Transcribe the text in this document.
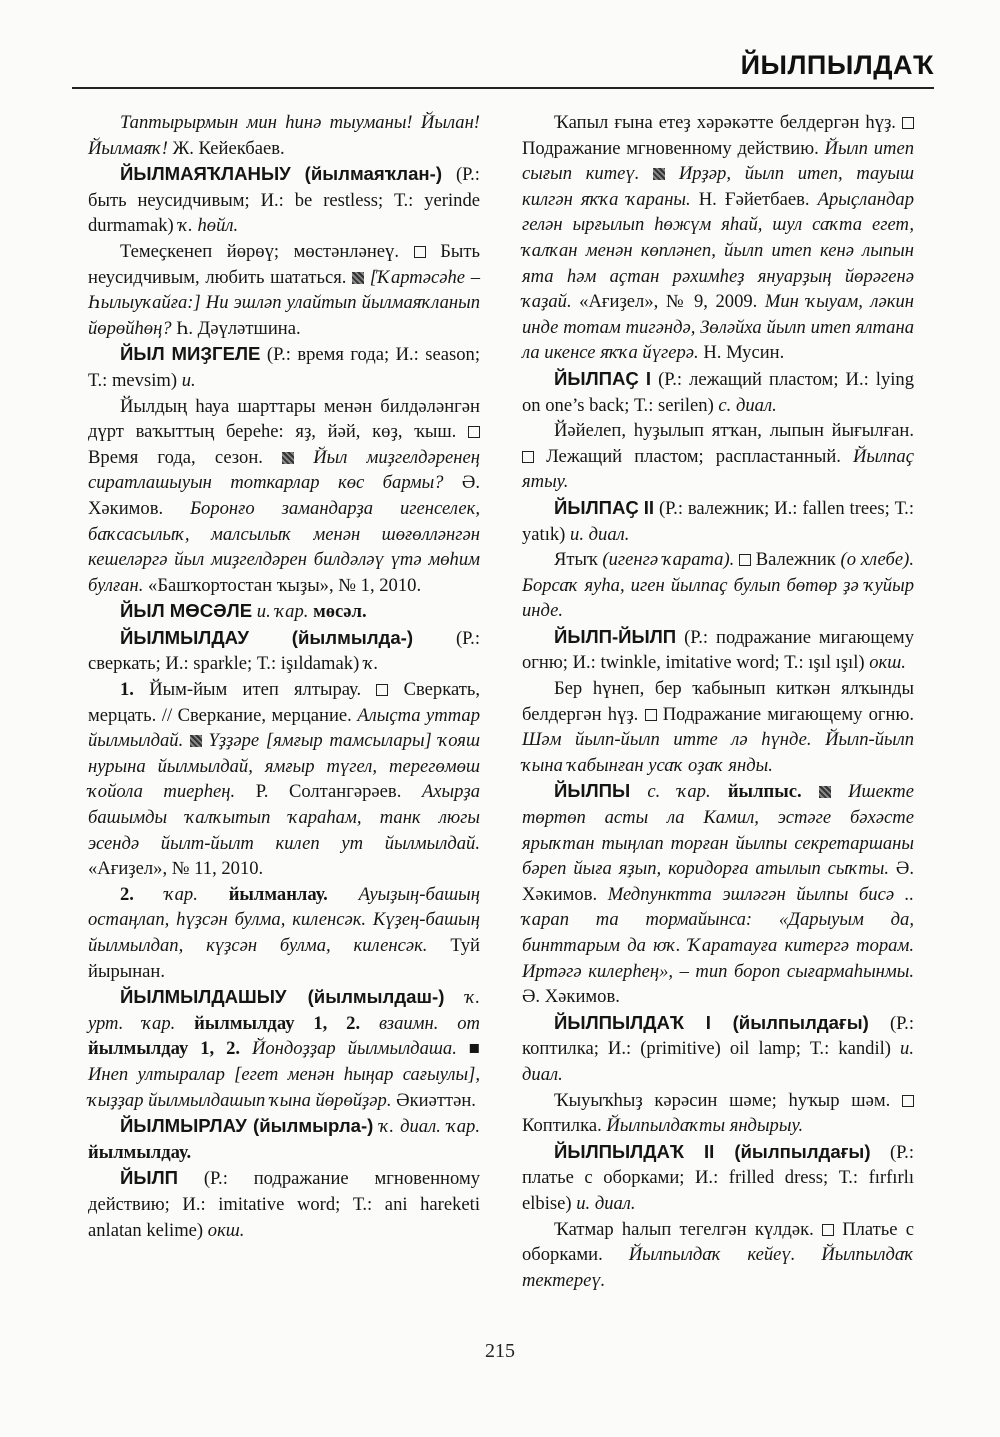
ЙЫЛПЫЛДАҠ

Таптырырмын мин һинә тыуманы! Йылан! Йылмаяҡ! Ж. Кейекбаев.

ЙЫЛМАЯҠЛАНЫУ (йылмаяҡлан-) (Р.: быть неусидчивым; И.: be restless; Т.: yerinde durmamak) ҡ. һөйл.

Темеҫкенеп йөрөү; мөстәнләнеү. Быть неусидчивым, любить шататься. [Ҡартәсәһе – Һылыуҡайға:] Ни эшләп улайтып йылмаяҡланып йөрөйһөң? Һ. Дәүләтшина.

ЙЫЛ МИҘГЕЛЕ (Р.: время года; И.: season; Т.: mevsim) и.

Йылдың һауа шарттары менән билдәләнгән дүрт ваҡыттың береһе: яҙ, йәй, көҙ, ҡыш.  Время года, сезон.	Йыл миҙгелдәренең сиратлашыуын тоткарлар көс бармы? Ә. Хәкимов. Боронғо замандарҙа игенселек, баҡсасылыҡ, малсылыҡ менән шөғөлләнгән кешеләргә йыл миҙгелдәрен билдәләү үтә мөһим булған. «Башҡортостан ҡыҙы», № 1, 2010.

ЙЫЛ МӨСӘЛЕ и. ҡар. мөсәл.

ЙЫЛМЫЛДАУ (йылмылда-) (Р.: сверкать; И.: sparkle; Т.: işıldamak) ҡ.

1. Йым-йым итеп ялтырау. Сверкать, мерцать. // Сверкание, мерцание. Алыҫта уттар йылмылдай. Үҙҙәре [ямғыр тамсылары] ҡояш нурына йылмылдай, ямғыр түгел, терегөмөш ҡойола тиерһең. Р. Солтангәрәев. Ахырҙа башымды ҡалҡытып ҡараһам, танк люгы эсендә йылт-йылт килеп ут йылмылдай. «Ағиҙел», № 11, 2010.

2. ҡар. йылманлау. Ауыҙың-башың остаңлап, һүҙсән булма, киленсәк. Күҙең-башың йылмылдап, күҙсән булма, киленсәк. Туй йырынан.

ЙЫЛМЫЛДАШЫУ (йылмылдаш-) ҡ. урт. ҡар. йылмылдау 1, 2. взаимн. от йылмылдау 1, 2. Йондоҙҙар йылмылдаша. ■ Инеп ултыралар [егет менән һыңар сағыулы], ҡыҙҙар йылмылдашып ҡына йөрөйҙәр. Әкиәттән.

ЙЫЛМЫРЛАУ (йылмырла-) ҡ. диал. ҡар. йылмылдау.

ЙЫЛП (Р.: подражание мгновенному действию; И.: imitative word; Т.: ani hareketi anlatan kelime) окш.

Ҡапыл ғына етеҙ хәрәкәтте белдергән һүҙ.  Подражание мгновенному действию. Йылп итеп сығып китеү. Ирҙәр, йылп итеп, тауыш килгән яҡҡа ҡараны. Н. Ғәйетбаев. Арыҫландар гелән ырғылып һөжүм яһай, шул саҡта егет, ҡалҡан менән көпләнеп, йылп итеп кенә лыпын ята һәм аҫтан рәхимһеҙ януарҙың йөрәгенә ҡаҙай. «Ағиҙел», № 9, 2009. Мин ҡыуам, ләкин инде тотам тигәндә, Зөләйха йылп итеп ялтана ла икенсе яҡҡа йүгерә. Н. Мусин.

ЙЫЛПАҪ I (Р.: лежащий пластом; И.: lying on one’s back; Т.: serilen) с. диал.

Йәйелеп, һуҙылып ятҡан, лыпын йығылған.  Лежащий пластом; распластанный. Йылпаҫ ятыу.

ЙЫЛПАҪ II (Р.: валежник; И.: fallen trees; Т.: yatık) и. диал.

Ятыҡ (игенгә ҡарата). Валежник (о хлебе). Борсаҡ яуһа, иген йылпаҫ булып бөтөр ҙә ҡуйыр инде.

ЙЫЛП-ЙЫЛП (Р.: подражание мигающему огню; И.: twinkle, imitative word; Т.: ışıl ışıl) окш.

Бер һүнеп, бер ҡабынып киткән ялҡынды белдергән һүҙ. Подражание мигающему огню. Шәм йылп-йылп итте лә һүнде. Йылп-йылп ҡына ҡабынған усаҡ оҙаҡ янды.

ЙЫЛПЫ с. ҡар. йылпыс. Ишекте төртөп асты ла Камил, эстәге бәхәсте ярыҡтан тыңлап торған йылпы секретаршаны бәреп йыға яҙып, коридорға атылып сыҡты. Ә. Хәкимов. Медпунктта эшләгән йылпы бисә .. ҡарап та тормайынса: «Дарыуым да, бинттарым да юҡ. Ҡаратауға китергә торам. Иртәгә килерһең», – тип бороп сығармаһынмы. Ә. Хәкимов.

ЙЫЛПЫЛДАҠ I (йылпылдағы) (Р.: коптилка; И.: (primitive) oil lamp; Т.: kandil) и. диал.

Ҡыуыҡһыҙ кәрәсин шәме; һуҡыр шәм.  Коптилка. Йылпылдаҡты яндырыу.

ЙЫЛПЫЛДАҠ II (йылпылдағы) (Р.: платье с оборками; И.: frilled dress; Т.: fırfırlı elbise) и. диал.

Ҡатмар һалып тегелгән күлдәк. Платье с оборками. Йылпылдаҡ кейеү. Йылпылдаҡ тектереү.

215
